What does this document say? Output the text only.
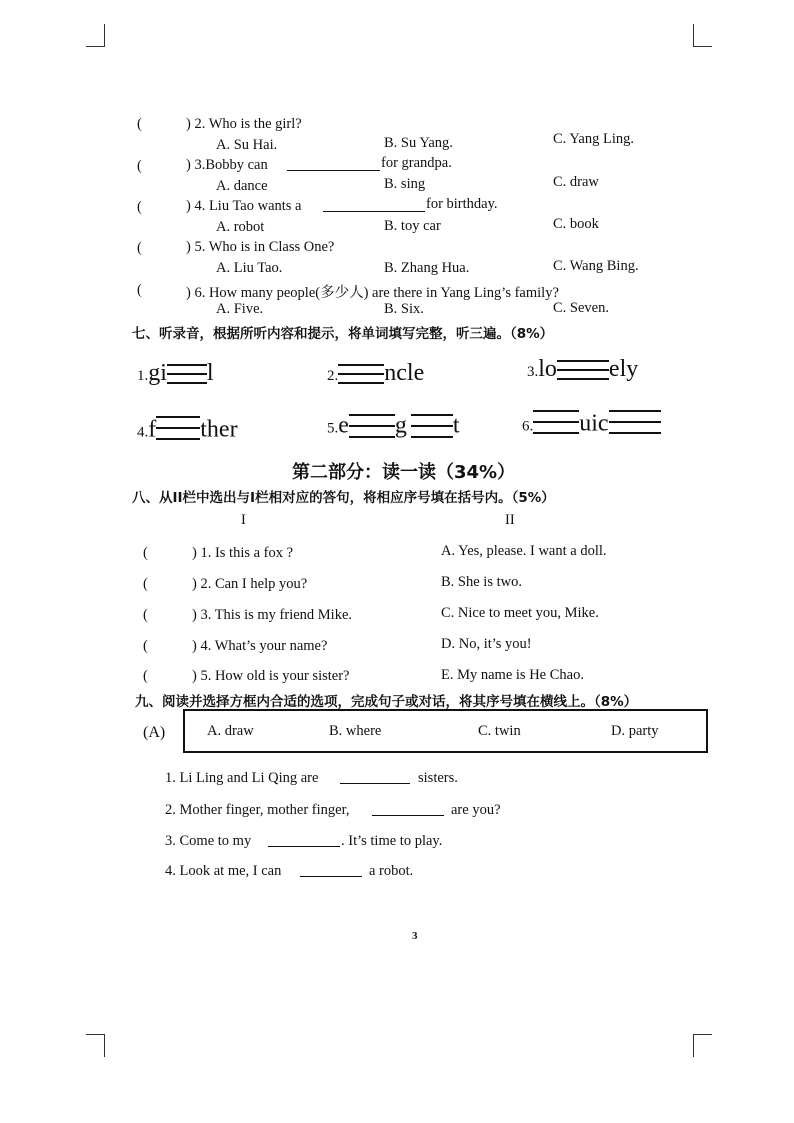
(	) 2. Who is the girl?
A. Su Hai.	B. Su Yang.	C. Yang Ling.
(	) 3.Bobby can	for grandpa.
A. dance	B. sing	C. draw
(	) 4. Liu Tao wants a	for birthday.
A. robot	B. toy car	C. book
(	) 5. Who is in Class One?
A. Liu Tao.	B. Zhang Hua.	C. Wang Bing.
(	) 6. How many people(多少人) are there in Yang Ling’s family?
A. Five.	B. Six.	C. Seven.
七、听录音，根据所听内容和提示，将单词填写完整，听三遍。（8%）
1.gi l	2. ncle	3.lo ely
4.f ther	5.e g t	6. uic
第二部分：读一读（34%）
八、从II栏中选出与I栏相对应的答句，将相应序号填在括号内。（5%）
I	II
(	) 1. Is this a fox ?	A. Yes, please. I want a doll.
(	) 2. Can I help you?	B. She is two.
(	) 3. This is my friend Mike.	C. Nice to meet you, Mike.
(	) 4. What’s your name?	D. No, it’s you!
(	) 5. How old is your sister?	E. My name is He Chao.
九、阅读并选择方框内合适的选项，完成句子或对话，将其序号填在横线上。（8%）
(A)	A. draw	B. where	C. twin	D. party
1. Li Ling and Li Qing are	sisters.
2. Mother finger, mother finger,	are you?
3. Come to my	. It’s time to play.
4. Look at me, I can	a robot.
3
